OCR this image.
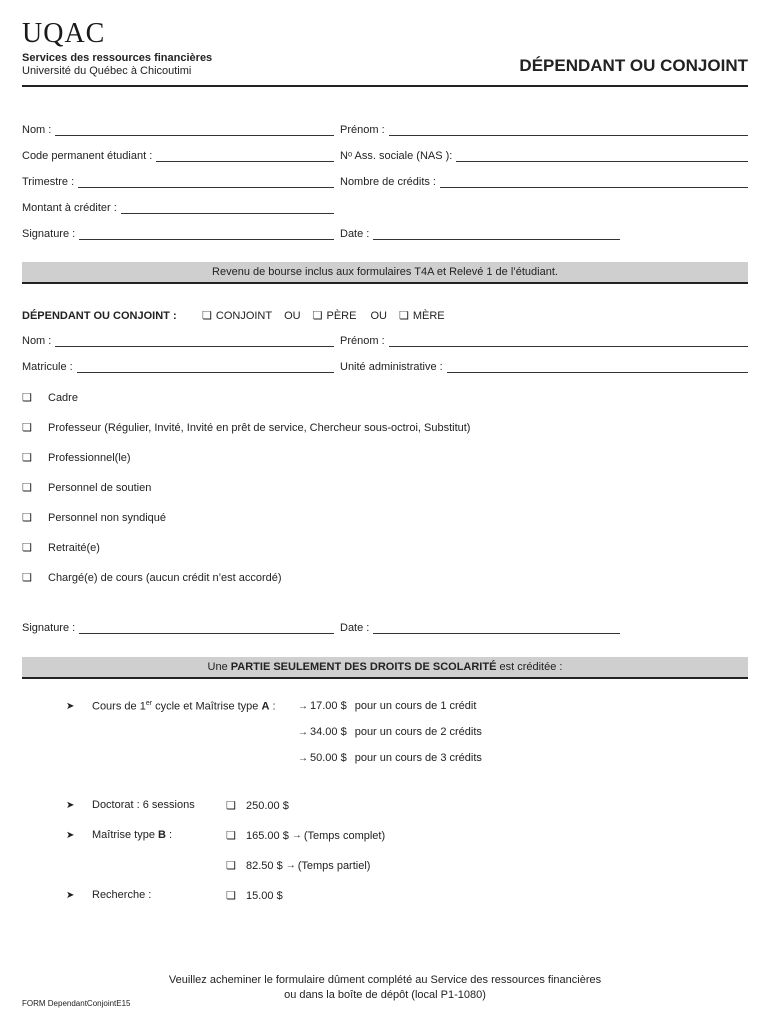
UQAC
Services des ressources financières
Université du Québec à Chicoutimi	DÉPENDANT OU CONJOINT
Nom :	Prénom :
Code permanent étudiant :	Nᵒ Ass. sociale (NAS ):
Trimestre :	Nombre de crédits :
Montant à créditer :
Signature :	Date :
Revenu de bourse inclus aux formulaires T4A et Relevé 1 de l’étudiant.
DÉPENDANT OU CONJOINT :	❏ CONJOINT OU ❏ PÈRE OU ❏ MÈRE
Nom :	Prénom :
Matricule :	Unité administrative :
❏	Cadre
❏	Professeur (Régulier, Invité, Invité en prêt de service, Chercheur sous-octroi, Substitut)
❏	Professionnel(le)
❏	Personnel de soutien
❏	Personnel non syndiqué
❏	Retraité(e)
❏	Chargé(e) de cours (aucun crédit n’est accordé)
Signature :	Date :
Une PARTIE SEULEMENT DES DROITS DE SCOLARITÉ est créditée :
➤	Cours de 1er cycle et Maîtrise type A : → 17.00 $ pour un cours de 1 crédit
→ 34.00 $ pour un cours de 2 crédits
→ 50.00 $ pour un cours de 3 crédits
➤	Doctorat : 6 sessions	❏ 250.00 $
➤	Maîtrise type B :	❏ 165.00 $ → (Temps complet)
❏ 82.50 $ → (Temps partiel)
➤	Recherche :	❏ 15.00 $
Veuillez acheminer le formulaire dûment complété au Service des ressources financières
ou dans la boîte de dépôt (local P1-1080)
FORM DependantConjointE15
